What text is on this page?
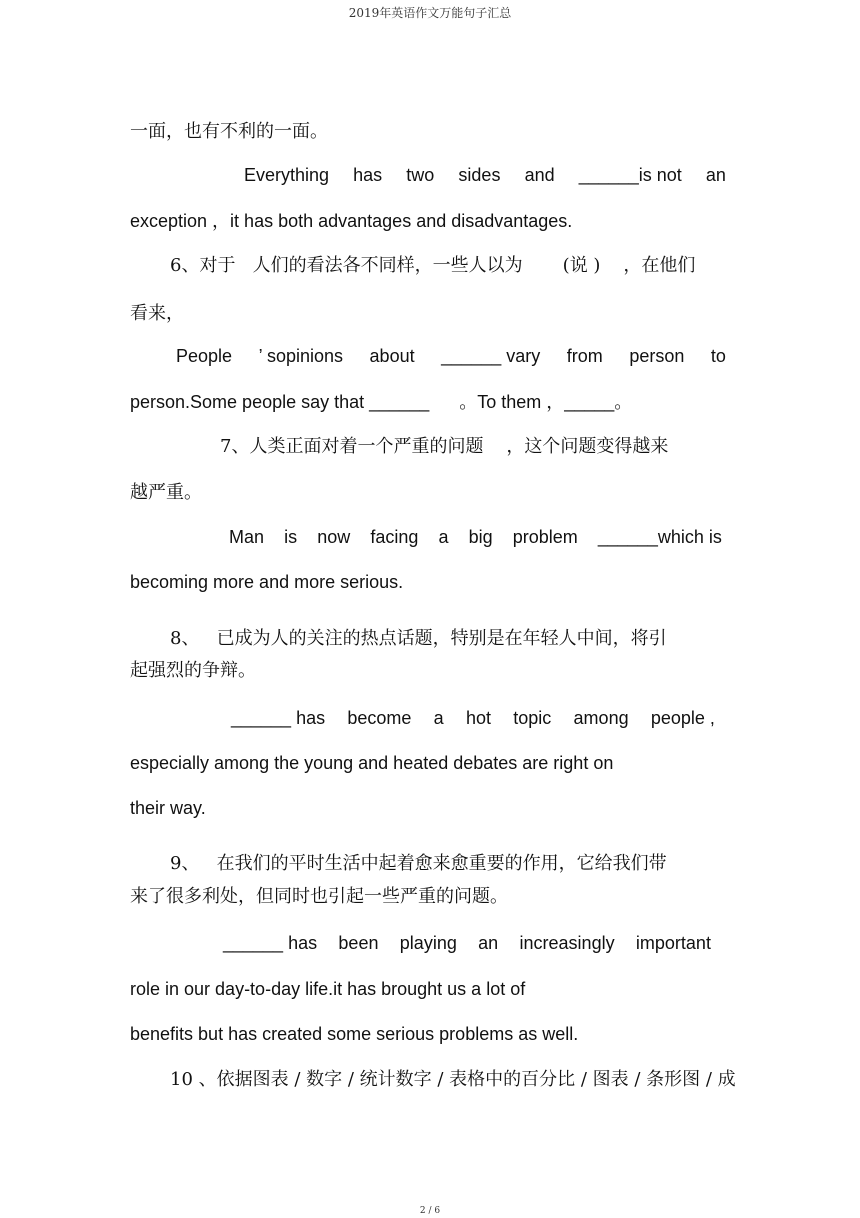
2019年英语作文万能句子汇总
一面，也有不利的一面。
Everything has two sides and ______is not an
exception ，it has both advantages and disadvantages.
6、对于   人们的看法各不同样，一些人以为       (说 )    ，在他们
看来，
People ’ sopinions about ______ vary from person to
person.Some people say that ______      。To them ，_____。
7、人类正面对着一个严重的问题    ，这个问题变得越来
越严重。
Man is now facing a big problem ______which is
becoming more and more serious.
8、   已成为人的关注的热点话题，特别是在年轻人中间，将引
起强烈的争辩。
______ has become a hot topic among people ,
especially among the young and heated debates are right on
their way.
9、   在我们的平时生活中起着愈来愈重要的作用，它给我们带
来了很多利处，但同时也引起一些严重的问题。
______ has been playing an increasingly important
role in our day-to-day life.it has brought us a lot of
benefits but has created some serious problems as well.
10 、依据图表 / 数字 / 统计数字 / 表格中的百分比 / 图表 / 条形图 / 成
2 / 6
